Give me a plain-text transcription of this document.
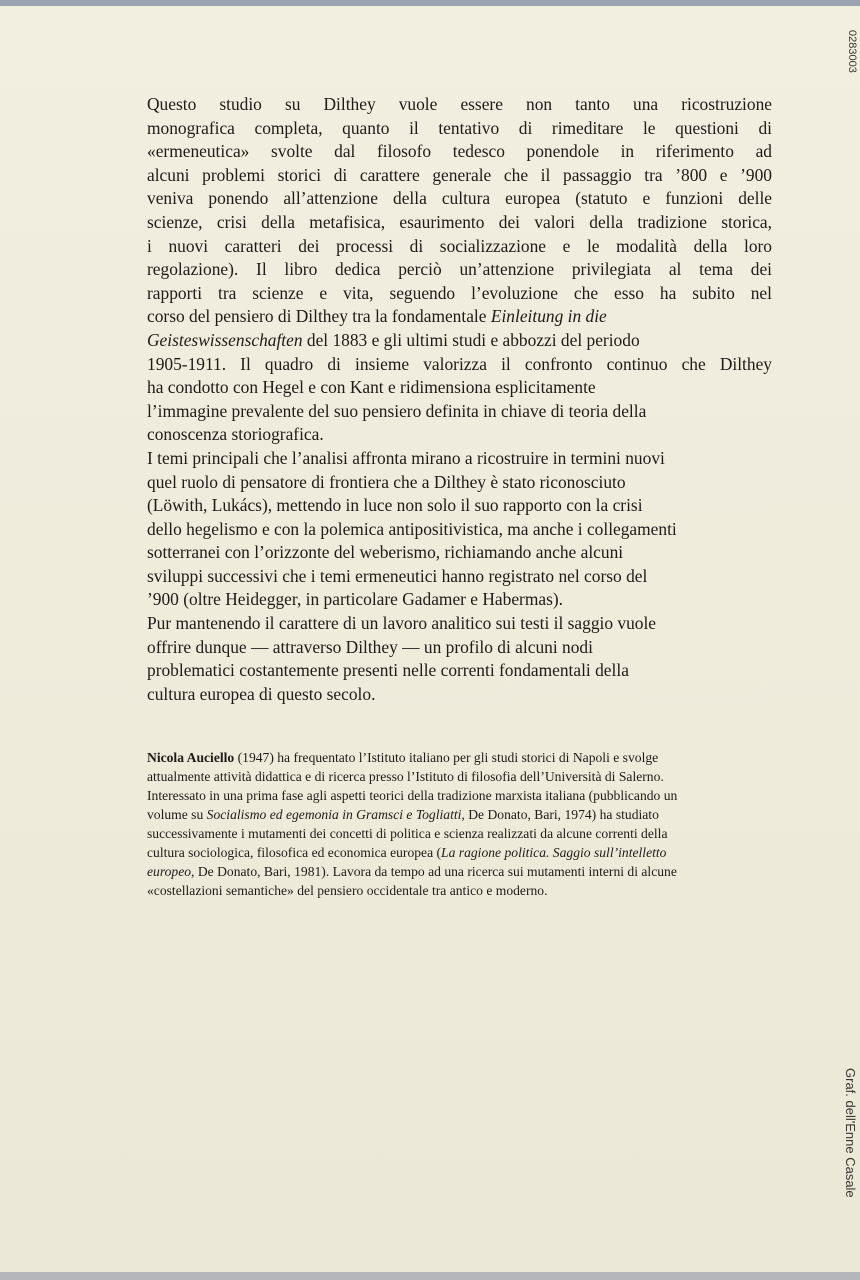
Questo studio su Dilthey vuole essere non tanto una ricostruzione
monografica completa, quanto il tentativo di rimeditare le questioni di
«ermeneutica» svolte dal filosofo tedesco ponendole in riferimento ad
alcuni problemi storici di carattere generale che il passaggio tra ’800 e ’900
veniva ponendo all’attenzione della cultura europea (statuto e funzioni delle
scienze, crisi della metafisica, esaurimento dei valori della tradizione storica,
i nuovi caratteri dei processi di socializzazione e le modalità della loro
regolazione). Il libro dedica perciò un’attenzione privilegiata al tema dei
rapporti tra scienze e vita, seguendo l’evoluzione che esso ha subito nel
corso del pensiero di Dilthey tra la fondamentale Einleitung in die
Geisteswissenschaften del 1883 e gli ultimi studi e abbozzi del periodo
1905-1911. Il quadro di insieme valorizza il confronto continuo che Dilthey
ha condotto con Hegel e con Kant e ridimensiona esplicitamente
l’immagine prevalente del suo pensiero definita in chiave di teoria della
conoscenza storiografica.
I temi principali che l’analisi affronta mirano a ricostruire in termini nuovi
quel ruolo di pensatore di frontiera che a Dilthey è stato riconosciuto
(Löwith, Lukács), mettendo in luce non solo il suo rapporto con la crisi
dello hegelismo e con la polemica antipositivistica, ma anche i collegamenti
sotterranei con l’orizzonte del weberismo, richiamando anche alcuni
sviluppi successivi che i temi ermeneutici hanno registrato nel corso del
’900 (oltre Heidegger, in particolare Gadamer e Habermas).
Pur mantenendo il carattere di un lavoro analitico sui testi il saggio vuole
offrire dunque — attraverso Dilthey — un profilo di alcuni nodi
problematici costantemente presenti nelle correnti fondamentali della
cultura europea di questo secolo.
Nicola Auciello (1947) ha frequentato l’Istituto italiano per gli studi storici di Napoli e svolge
attualmente attività didattica e di ricerca presso l’Istituto di filosofia dell’Università di Salerno.
Interessato in una prima fase agli aspetti teorici della tradizione marxista italiana (pubblicando un
volume su Socialismo ed egemonia in Gramsci e Togliatti, De Donato, Bari, 1974) ha studiato
successivamente i mutamenti dei concetti di politica e scienza realizzati da alcune correnti della
cultura sociologica, filosofica ed economica europea (La ragione politica. Saggio sull’intelletto
europeo, De Donato, Bari, 1981). Lavora da tempo ad una ricerca sui mutamenti interni di alcune
«costellazioni semantiche» del pensiero occidentale tra antico e moderno.
0283003
Graf. dell'Enne Casale
